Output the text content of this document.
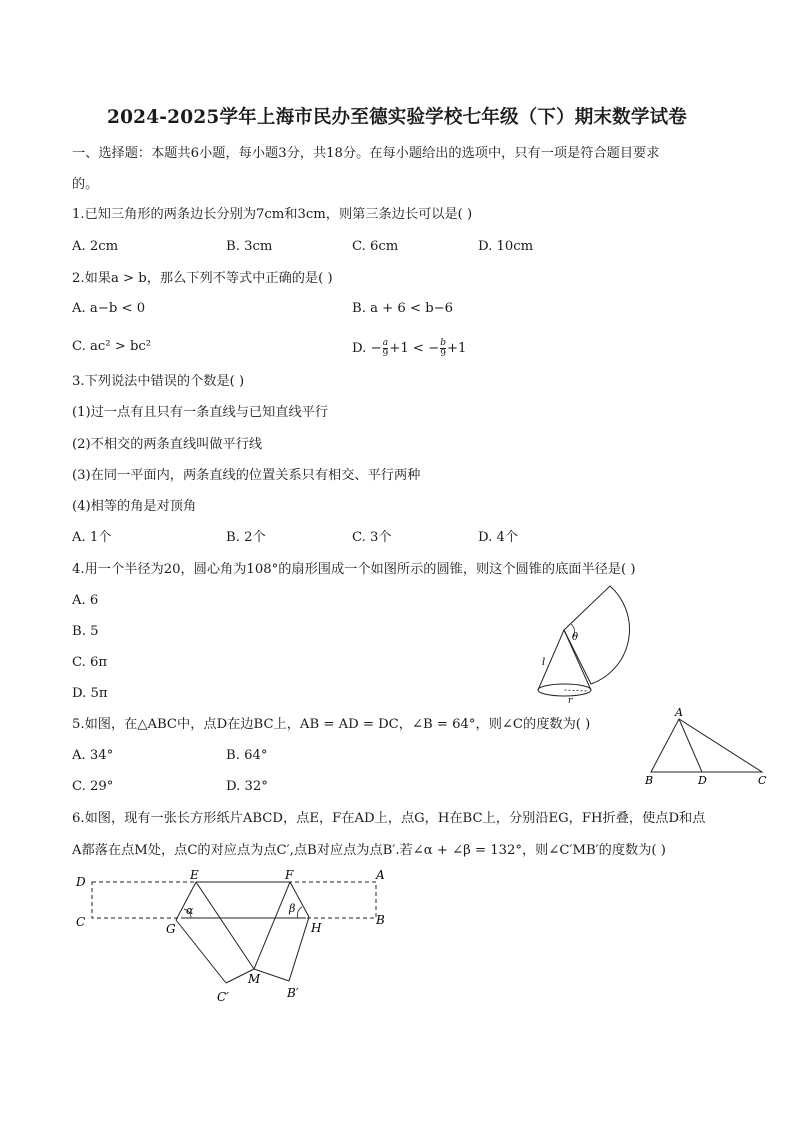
2024-2025学年上海市民办至德实验学校七年级（下）期末数学试卷
一、选择题：本题共6小题，每小题3分，共18分。在每小题给出的选项中，只有一项是符合题目要求
的。
1.已知三角形的两条边长分别为7cm和3cm，则第三条边长可以是( )
A. 2cm	B. 3cm	C. 6cm	D. 10cm
2.如果a > b，那么下列不等式中正确的是( )
A. a−b < 0	B. a + 6 < b−6
C. ac² > bc²	D. − $\frac{a}{9} +1$ < − $\frac{b}{9} +1$
3.下列说法中错误的个数是( )
(1)过一点有且只有一条直线与已知直线平行
(2)不相交的两条直线叫做平行线
(3)在同一平面内，两条直线的位置关系只有相交、平行两种
(4)相等的角是对顶角
A. 1个	B. 2个	C. 3个	D. 4个
4.用一个半径为20，圆心角为108°的扇形围成一个如图所示的圆锥，则这个圆锥的底面半径是( )
A. 6
B. 5
C. 6π
D. 5π
θ
l
r
5.如图，在△ABC中，点D在边BC上，AB = AD = DC，∠B = 64°，则∠C的度数为( )
A. 34°	B. 64°
C. 29°	D. 32°
A
B	D	C
6.如图，现有一张长方形纸片ABCD，点E，F在AD上，点G，H在BC上，分别沿EG，FH折叠，使点D和点
A都落在点M处，点C的对应点为点C′,点B对应点为点B′.若∠α + ∠β = 132°，则∠C′MB′的度数为( )
D
C
E	F	A
B
G	H
M
C′	B′
α	β
